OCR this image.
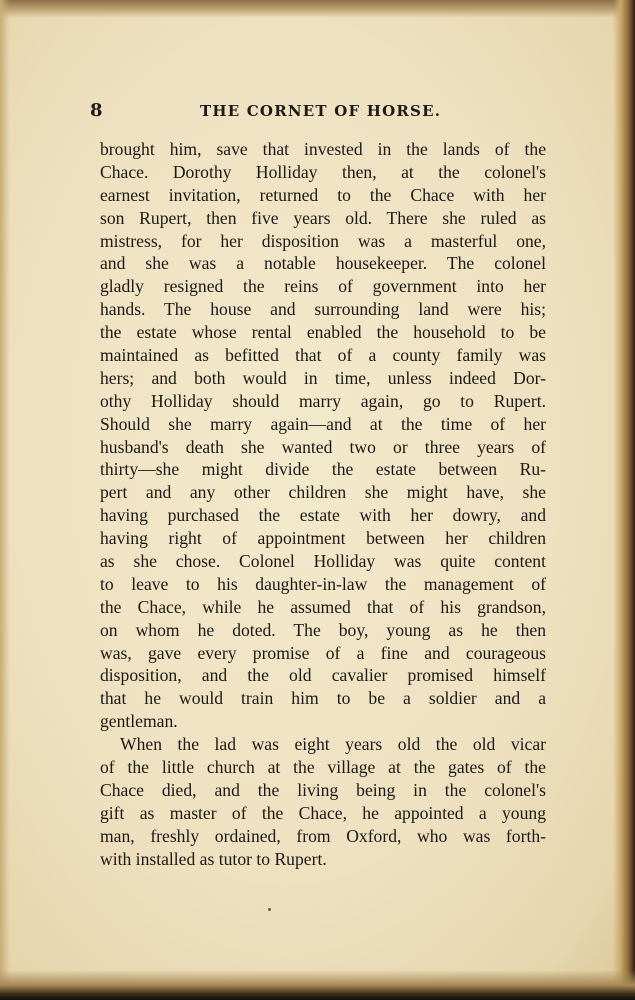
8	THE CORNET OF HORSE.
brought him, save that invested in the lands of the
Chace. Dorothy Holliday then, at the colonel's
earnest invitation, returned to the Chace with her
son Rupert, then five years old. There she ruled as
mistress, for her disposition was a masterful one,
and she was a notable housekeeper. The colonel
gladly resigned the reins of government into her
hands. The house and surrounding land were his;
the estate whose rental enabled the household to be
maintained as befitted that of a county family was
hers; and both would in time, unless indeed Dor-
othy Holliday should marry again, go to Rupert.
Should she marry again—and at the time of her
husband's death she wanted two or three years of
thirty—she might divide the estate between Ru-
pert and any other children she might have, she
having purchased the estate with her dowry, and
having right of appointment between her children
as she chose. Colonel Holliday was quite content
to leave to his daughter-in-law the management of
the Chace, while he assumed that of his grandson,
on whom he doted. The boy, young as he then
was, gave every promise of a fine and courageous
disposition, and the old cavalier promised himself
that he would train him to be a soldier and a
gentleman.
When the lad was eight years old the old vicar
of the little church at the village at the gates of the
Chace died, and the living being in the colonel's
gift as master of the Chace, he appointed a young
man, freshly ordained, from Oxford, who was forth-
with installed as tutor to Rupert.
